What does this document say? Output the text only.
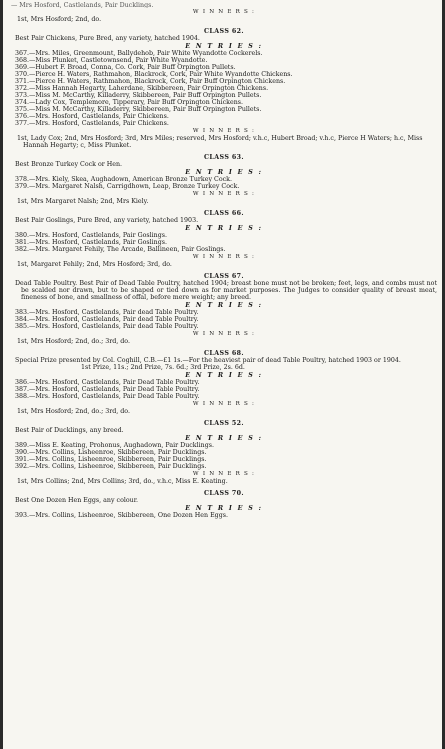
— Mrs Hosford, Castlelands, Pair Ducklings.
W I N N E R S :
1st, Mrs Hosford; 2nd, do.
CLASS 62.
Best Pair Chickens, Pure Bred, any variety, hatched 1904.
E N T R I E S :
367.—Mrs. Miles, Greenmount, Ballydehob, Pair White Wyandotte Cockerels.
368.—Miss Plunket, Castletownsend, Pair White Wyandotte.
369.—Hubert F. Broad, Conna, Co. Cork, Pair Buff Orpington Pullets.
370.—Pierce H. Waters, Rathmahon, Blackrock, Cork, Pair White Wyandotte Chickens.
371.—Pierce H. Waters, Rathmahon, Blackrock, Cork, Pair Buff Orpington Chickens.
372.—Miss Hannah Hegarty, Laherdane, Skibbereen, Pair Orpington Chickens.
373.—Miss M. McCarthy, Killaderry, Skibbereen, Pair Buff Orpington Pullets.
374.—Lady Cox, Templemore, Tipperary, Pair Buff Orpington Chickens.
375.—Miss M. McCarthy, Killaderry, Skibbereen, Pair Buff Orpington Pullets.
376.—Mrs. Hosford, Castlelands, Pair Chickens.
377.—Mrs. Hosford, Castlelands, Pair Chickens.
W I N N E R S :
1st, Lady Cox; 2nd, Mrs Hosford; 3rd, Mrs Miles; reserved, Mrs Hosford; v.h.c, Hubert Broad; v.h.c, Pierce H Waters; h.c, Miss Hannah Hegarty; c, Miss Plunket.
CLASS 63.
Best Bronze Turkey Cock or Hen.
E N T R I E S :
378.—Mrs. Kiely, Skea, Aughadown, American Bronze Turkey Cock.
379.—Mrs. Margaret Nalsh, Carrigdhown, Leap, Bronze Turkey Cock.
W I N N E R S :
1st, Mrs Margaret Nalsh; 2nd, Mrs Kiely.
CLASS 66.
Best Pair Goslings, Pure Bred, any variety, hatched 1903.
E N T R I E S :
380.—Mrs. Hosford, Castlelands, Pair Goslings.
381.—Mrs. Hosford, Castlelands, Pair Goslings.
382.—Mrs. Margaret Fehily, The Arcade, Ballineen, Pair Goslings.
W I N N E R S :
1st, Margaret Fehily; 2nd, Mrs Hosford; 3rd, do.
CLASS 67.
Dead Table Poultry. Best Pair of Dead Table Poultry, hatched 1904; breast bone must not be broken; feet, legs, and combs must not be scalded nor drawn, but to be shaped or tied down as for market purposes. The Judges to consider quality of breast meat, fineness of bone, and smallness of offal, before mere weight; any breed.
E N T R I E S :
383.—Mrs. Hosford, Castlelands, Pair dead Table Poultry.
384.—Mrs. Hosford, Castlelands, Pair dead Table Poultry.
385.—Mrs. Hosford, Castlelands, Pair dead Table Poultry.
W I N N E R S :
1st, Mrs Hosford; 2nd, do.; 3rd, do.
CLASS 68.
Special Prize presented by Col. Coghill, C.B.—£1 1s.—For the heaviest pair of dead Table Poultry, hatched 1903 or 1904.
1st Prize, 11s.; 2nd Prize, 7s. 6d.; 3rd Prize, 2s. 6d.
E N T R I E S :
386.—Mrs. Hosford, Castlelands, Pair Dead Table Poultry.
387.—Mrs. Hosford, Castlelands, Pair Dead Table Poultry.
388.—Mrs. Hosford, Castlelands, Pair Dead Table Poultry.
W I N N E R S :
1st, Mrs Hosford; 2nd, do.; 3rd, do.
CLASS 52.
Best Pair of Ducklings, any breed.
E N T R I E S :
389.—Miss E. Keating, Prohonus, Aughadown, Pair Ducklings.
390.—Mrs. Collins, Lisheenroe, Skibbereen, Pair Ducklings.
391.—Mrs. Collins, Lisheenroe, Skibbereen, Pair Ducklings.
392.—Mrs. Collins, Lisheenroe, Skibbereen, Pair Ducklings.
W I N N E R S :
1st, Mrs Collins; 2nd, Mrs Collins; 3rd, do., v.h.c, Miss E. Keating.
CLASS 70.
Best One Dozen Hen Eggs, any colour.
E N T R I E S :
393.—Mrs. Collins, Lisheenroe, Skibbereen, One Dozen Hen Eggs.
